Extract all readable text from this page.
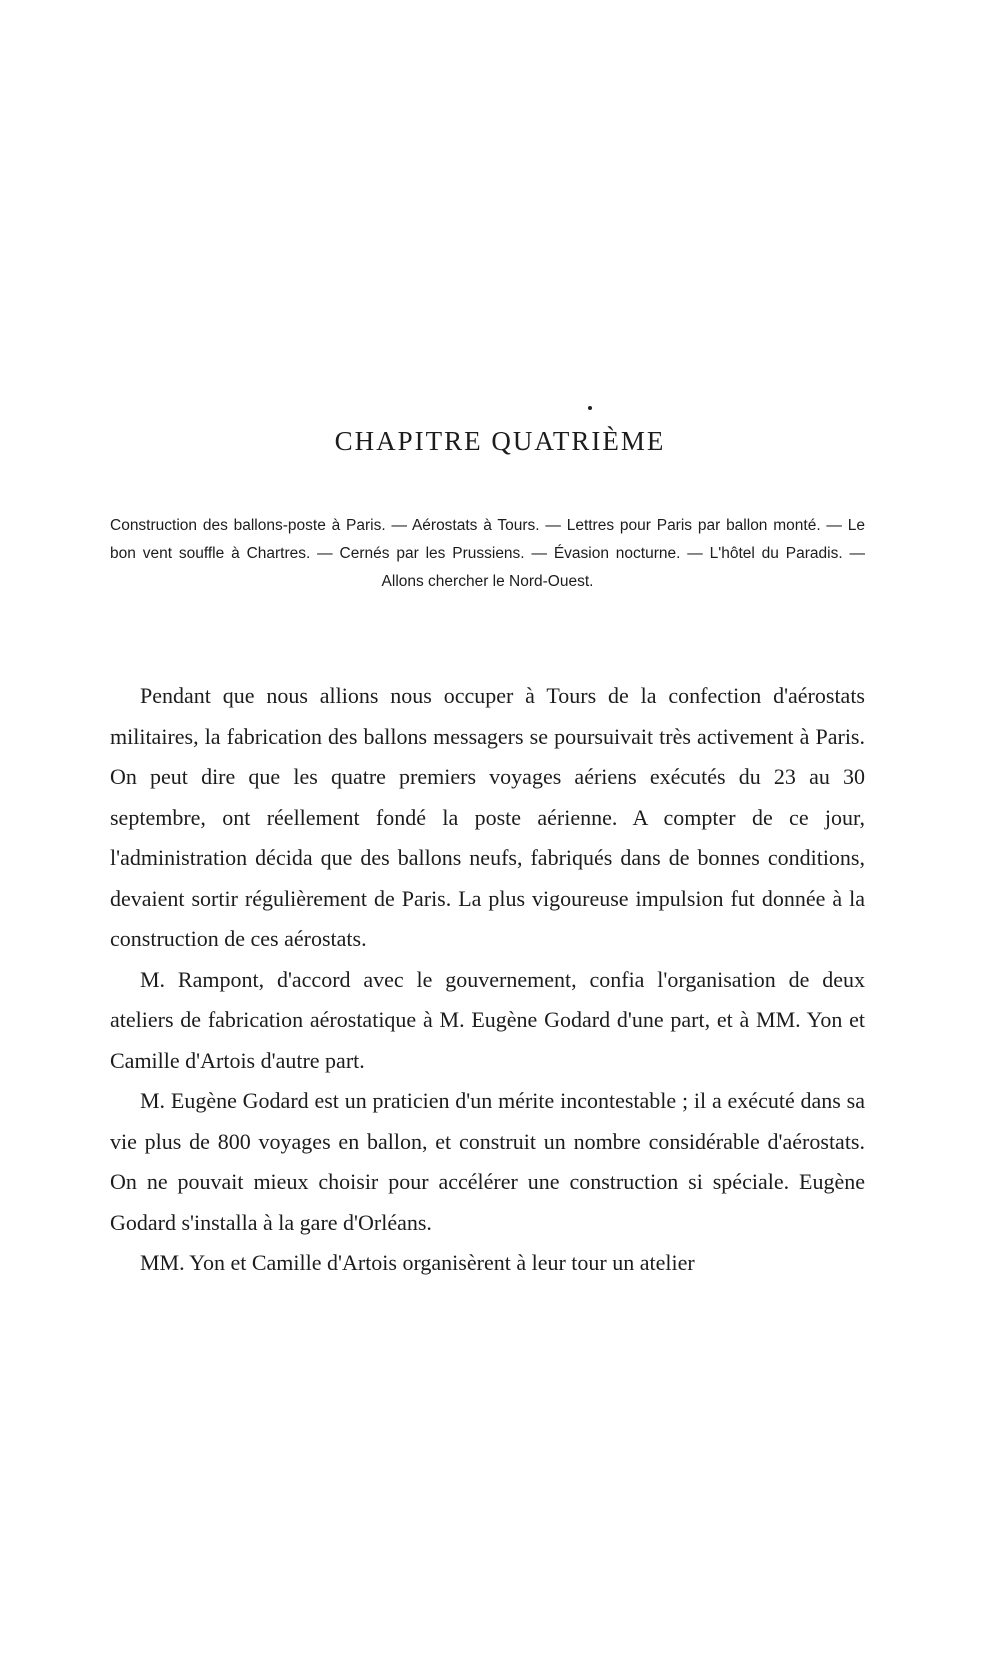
CHAPITRE QUATRIÈME

Construction des ballons-poste à Paris. — Aérostats à Tours. — Lettres pour Paris par ballon monté. — Le bon vent souffle à Chartres. — Cernés par les Prussiens. — Évasion nocturne. — L'hôtel du Paradis. — Allons chercher le Nord-Ouest.

Pendant que nous allions nous occuper à Tours de la confection d'aérostats militaires, la fabrication des ballons messagers se poursuivait très activement à Paris. On peut dire que les quatre premiers voyages aériens exécutés du 23 au 30 septembre, ont réellement fondé la poste aérienne. A compter de ce jour, l'administration décida que des ballons neufs, fabriqués dans de bonnes conditions, devaient sortir régulièrement de Paris. La plus vigoureuse impulsion fut donnée à la construction de ces aérostats.

M. Rampont, d'accord avec le gouvernement, confia l'organisation de deux ateliers de fabrication aérostatique à M. Eugène Godard d'une part, et à MM. Yon et Camille d'Artois d'autre part.

M. Eugène Godard est un praticien d'un mérite incontestable ; il a exécuté dans sa vie plus de 800 voyages en ballon, et construit un nombre considérable d'aérostats. On ne pouvait mieux choisir pour accélérer une construction si spéciale. Eugène Godard s'installa à la gare d'Orléans.

MM. Yon et Camille d'Artois organisèrent à leur tour un atelier
